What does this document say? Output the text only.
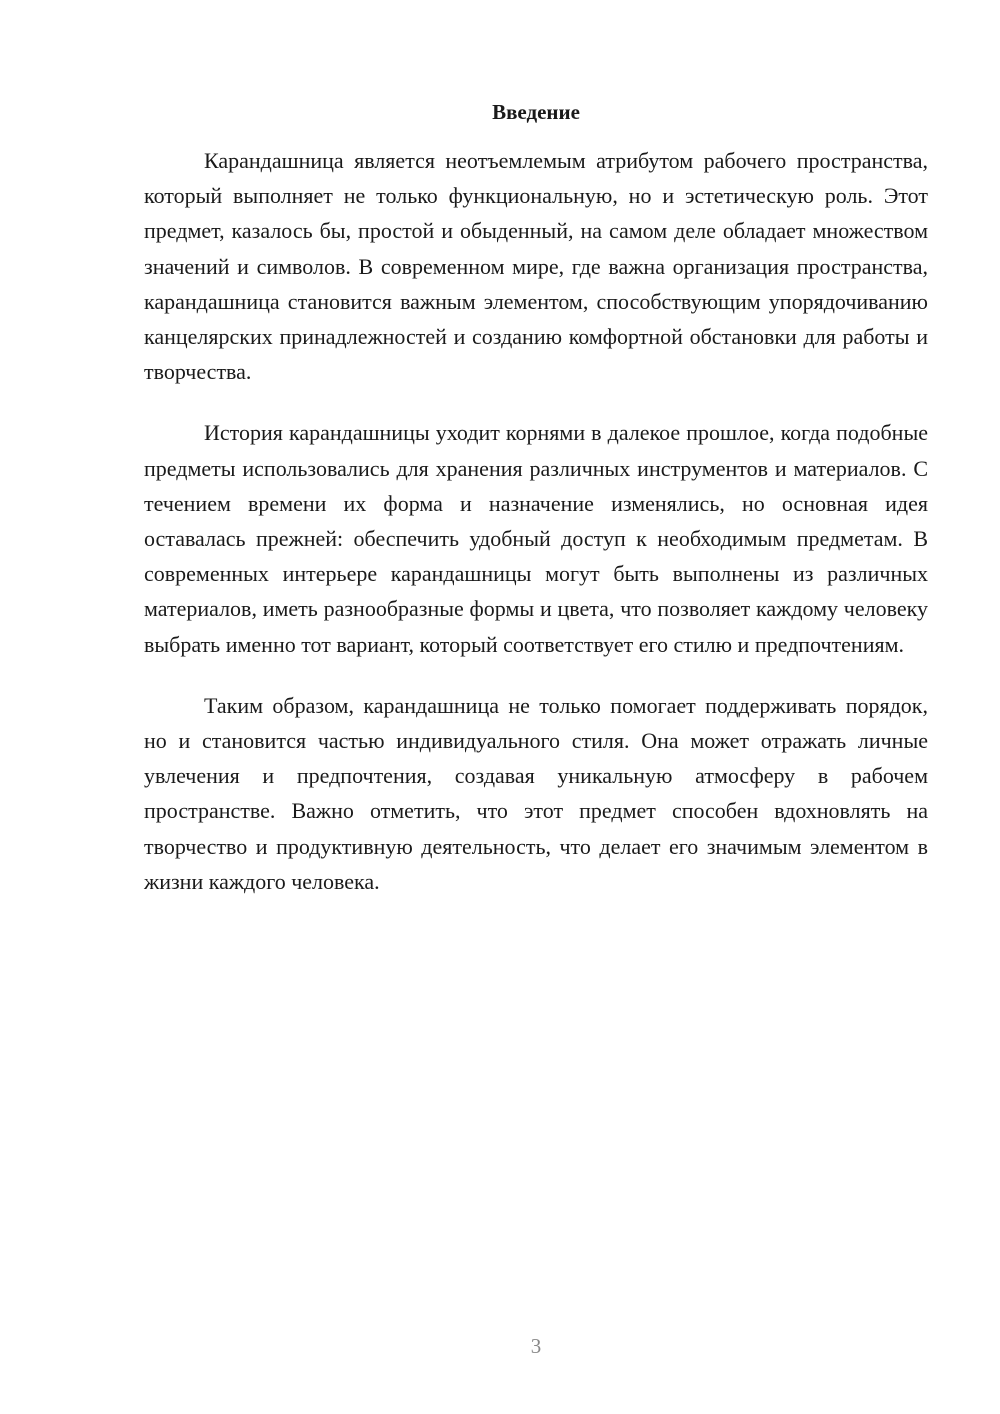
Введение

Карандашница является неотъемлемым атрибутом рабочего пространства, который выполняет не только функциональную, но и эстетическую роль. Этот предмет, казалось бы, простой и обыденный, на самом деле обладает множеством значений и символов. В современном мире, где важна организация пространства, карандашница становится важным элементом, способствующим упорядочиванию канцелярских принадлежностей и созданию комфортной обстановки для работы и творчества.

История карандашницы уходит корнями в далекое прошлое, когда подобные предметы использовались для хранения различных инструментов и материалов. С течением времени их форма и назначение изменялись, но основная идея оставалась прежней: обеспечить удобный доступ к необходимым предметам. В современных интерьере карандашницы могут быть выполнены из различных материалов, иметь разнообразные формы и цвета, что позволяет каждому человеку выбрать именно тот вариант, который соответствует его стилю и предпочтениям.

Таким образом, карандашница не только помогает поддерживать порядок, но и становится частью индивидуального стиля. Она может отражать личные увлечения и предпочтения, создавая уникальную атмосферу в рабочем пространстве. Важно отметить, что этот предмет способен вдохновлять на творчество и продуктивную деятельность, что делает его значимым элементом в жизни каждого человека.

3
